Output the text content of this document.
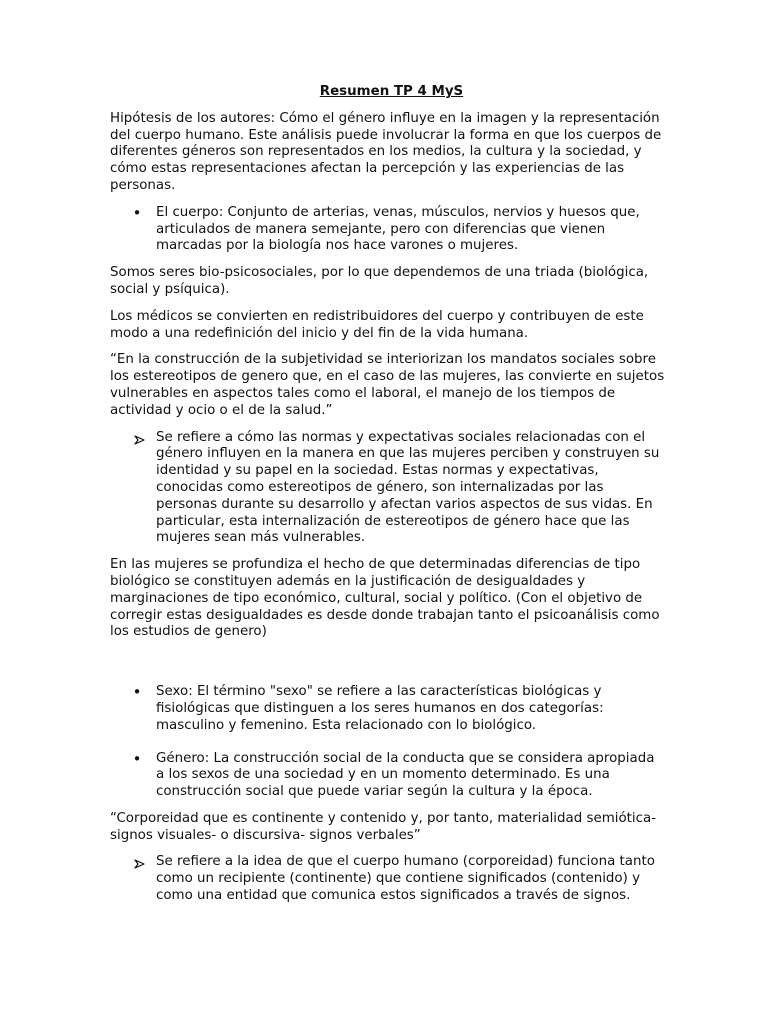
Resumen TP 4 MyS

Hipótesis de los autores: Cómo el género influye en la imagen y la representación del cuerpo humano. Este análisis puede involucrar la forma en que los cuerpos de diferentes géneros son representados en los medios, la cultura y la sociedad, y cómo estas representaciones afectan la percepción y las experiencias de las personas.

• El cuerpo: Conjunto de arterias, venas, músculos, nervios y huesos que, articulados de manera semejante, pero con diferencias que vienen marcadas por la biología nos hace varones o mujeres.

Somos seres bio-psicosociales, por lo que dependemos de una triada (biológica, social y psíquica).

Los médicos se convierten en redistribuidores del cuerpo y contribuyen de este modo a una redefinición del inicio y del fin de la vida humana.

“En la construcción de la subjetividad se interiorizan los mandatos sociales sobre los estereotipos de genero que, en el caso de las mujeres, las convierte en sujetos vulnerables en aspectos tales como el laboral, el manejo de los tiempos de actividad y ocio o el de la salud.”

Se refiere a cómo las normas y expectativas sociales relacionadas con el género influyen en la manera en que las mujeres perciben y construyen su identidad y su papel en la sociedad. Estas normas y expectativas, conocidas como estereotipos de género, son internalizadas por las personas durante su desarrollo y afectan varios aspectos de sus vidas. En particular, esta internalización de estereotipos de género hace que las mujeres sean más vulnerables.

En las mujeres se profundiza el hecho de que determinadas diferencias de tipo biológico se constituyen además en la justificación de desigualdades y marginaciones de tipo económico, cultural, social y político. (Con el objetivo de corregir estas desigualdades es desde donde trabajan tanto el psicoanálisis como los estudios de genero)

• Sexo: El término "sexo" se refiere a las características biológicas y fisiológicas que distinguen a los seres humanos en dos categorías: masculino y femenino. Esta relacionado con lo biológico.
• Género: La construcción social de la conducta que se considera apropiada a los sexos de una sociedad y en un momento determinado. Es una construcción social que puede variar según la cultura y la época.

“Corporeidad que es continente y contenido y, por tanto, materialidad semiótica-signos visuales- o discursiva- signos verbales”

Se refiere a la idea de que el cuerpo humano (corporeidad) funciona tanto como un recipiente (continente) que contiene significados (contenido) y como una entidad que comunica estos significados a través de signos.
